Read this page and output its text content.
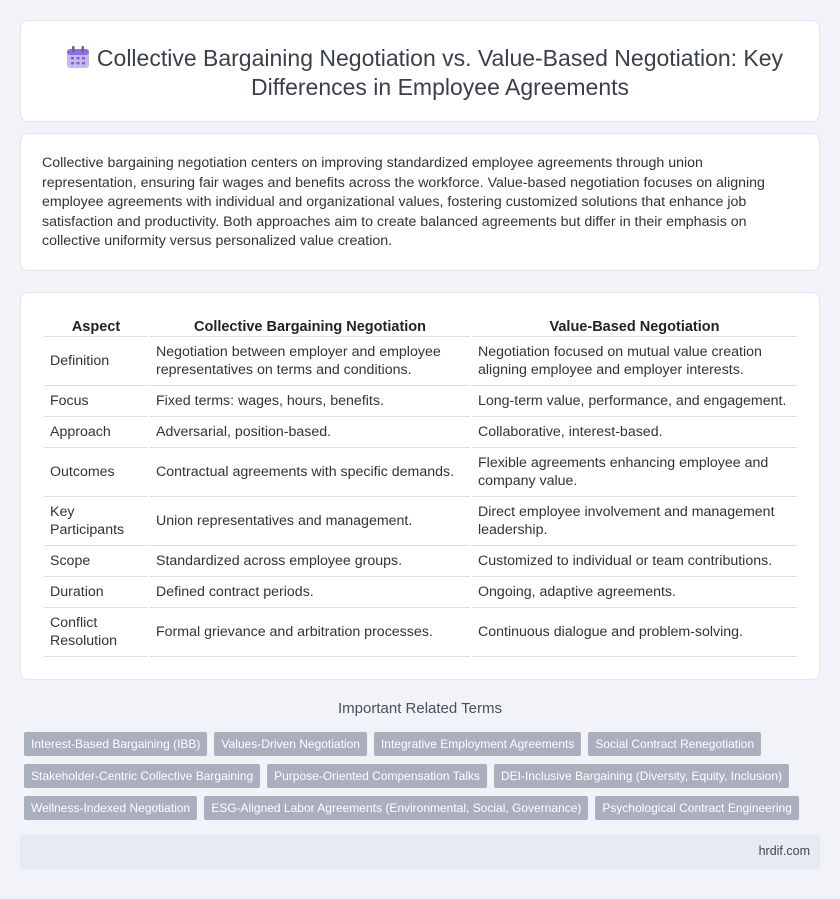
Collective Bargaining Negotiation vs. Value-Based Negotiation: Key Differences in Employee Agreements

Collective bargaining negotiation centers on improving standardized employee agreements through union representation, ensuring fair wages and benefits across the workforce. Value-based negotiation focuses on aligning employee agreements with individual and organizational values, fostering customized solutions that enhance job satisfaction and productivity. Both approaches aim to create balanced agreements but differ in their emphasis on collective uniformity versus personalized value creation.

Aspect	Collective Bargaining Negotiation	Value-Based Negotiation
Definition	Negotiation between employer and employee representatives on terms and conditions.	Negotiation focused on mutual value creation aligning employee and employer interests.
Focus	Fixed terms: wages, hours, benefits.	Long-term value, performance, and engagement.
Approach	Adversarial, position-based.	Collaborative, interest-based.
Outcomes	Contractual agreements with specific demands.	Flexible agreements enhancing employee and company value.
Key Participants	Union representatives and management.	Direct employee involvement and management leadership.
Scope	Standardized across employee groups.	Customized to individual or team contributions.
Duration	Defined contract periods.	Ongoing, adaptive agreements.
Conflict Resolution	Formal grievance and arbitration processes.	Continuous dialogue and problem-solving.
Important Related Terms
Interest-Based Bargaining (IBB)	Values-Driven Negotiation	Integrative Employment Agreements	Social Contract Renegotiation
Stakeholder-Centric Collective Bargaining	Purpose-Oriented Compensation Talks	DEI-Inclusive Bargaining (Diversity, Equity, Inclusion)
Wellness-Indexed Negotiation	ESG-Aligned Labor Agreements (Environmental, Social, Governance)	Psychological Contract Engineering
hrdif.com
